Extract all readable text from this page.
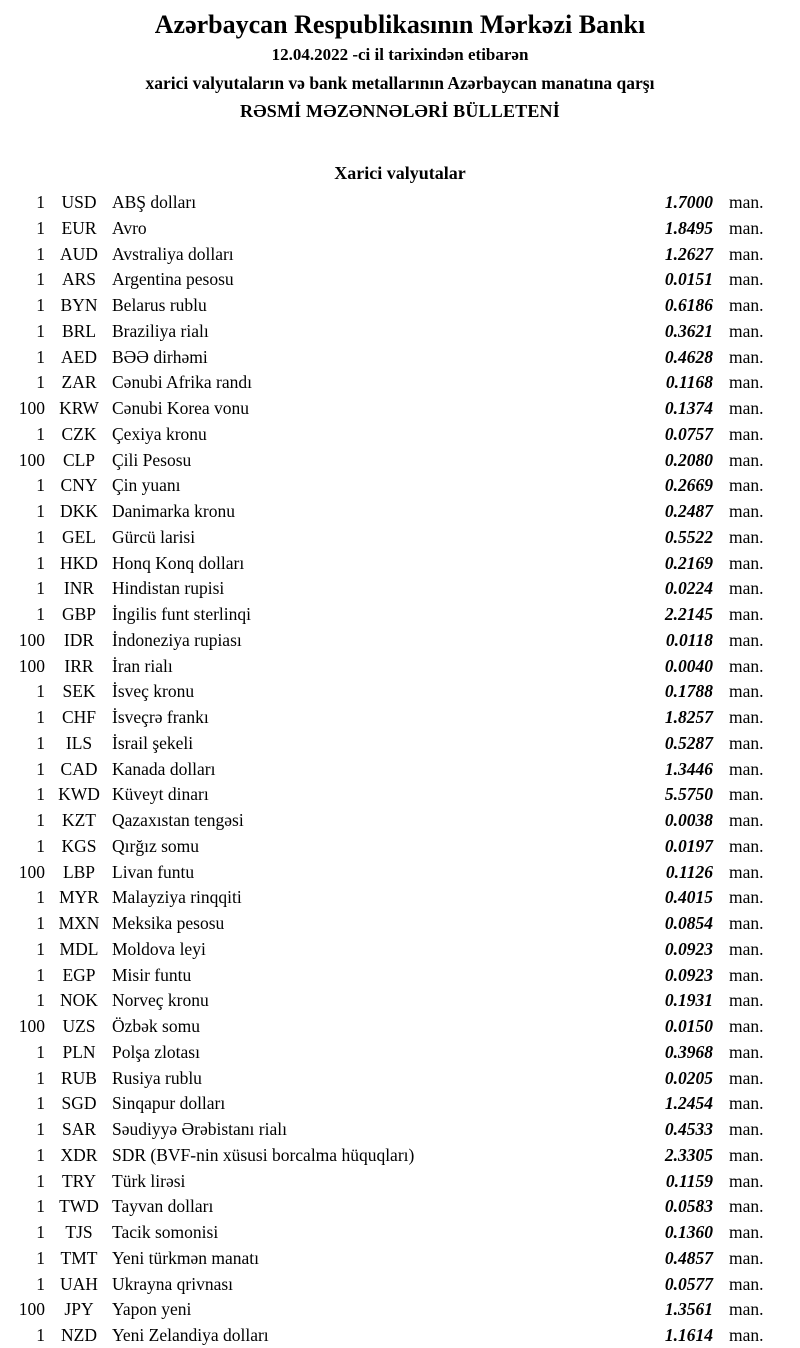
Azərbaycan Respublikasının Mərkəzi Bankı
12.04.2022 -ci il tarixindən etibarən
xarici valyutaların və bank metallarının Azərbaycan manatına qarşı
RƏSMİ MƏZƏNNƏLƏRİ BÜLLETENİ
Xarici valyutalar
1 USD ABŞ dolları	1.7000 man.
1 EUR Avro	1.8495 man.
1 AUD Avstraliya dolları	1.2627 man.
1 ARS Argentina pesosu	0.0151 man.
1 BYN Belarus rublu	0.6186 man.
1 BRL Braziliya rialı	0.3621 man.
1 AED BƏƏ dirhəmi	0.4628 man.
1 ZAR Cənubi Afrika randı	0.1168 man.
100 KRW Cənubi Korea vonu	0.1374 man.
1 CZK Çexiya kronu	0.0757 man.
100	CLP Çili Pesosu	0.2080 man.
1 CNY Çin yuanı	0.2669 man.
1 DKK Danimarka kronu	0.2487 man.
1 GEL Gürcü larisi	0.5522 man.
1 HKD Honq Konq dolları	0.2169 man.
1	INR	Hindistan rupisi	0.0224 man.
1 GBP İngilis funt sterlinqi	2.2145 man.
100	IDR	İndoneziya rupiası	0.0118 man.
100	IRR	İran rialı	0.0040 man.
1 SEK İsveç kronu	0.1788 man.
1 CHF İsveçrə frankı	1.8257 man.
1	ILS	İsrail şekeli	0.5287 man.
1 CAD Kanada dolları	1.3446 man.
1 KWD Küveyt dinarı	5.5750 man.
1 KZT Qazaxıstan tengəsi	0.0038 man.
1 KGS Qırğız somu	0.0197 man.
100	LBP Livan funtu	0.1126 man.
1 MYR Malayziya rinqqiti	0.4015 man.
1 MXN Meksika pesosu	0.0854 man.
1 MDL Moldova leyi	0.0923 man.
1 EGP Misir funtu	0.0923 man.
1 NOK Norveç kronu	0.1931 man.
100 UZS Özbək somu	0.0150 man.
1 PLN Polşa zlotası	0.3968 man.
1 RUB Rusiya rublu	0.0205 man.
1 SGD Sinqapur dolları	1.2454 man.
1 SAR Səudiyyə Ərəbistanı rialı	0.4533 man.
1 XDR SDR (BVF-nin xüsusi borcalma hüquqları)	2.3305 man.
1 TRY Türk lirəsi	0.1159 man.
1 TWD Tayvan dolları	0.0583 man.
1	TJS	Tacik somonisi	0.1360 man.
1 TMT Yeni türkmən manatı	0.4857 man.
1 UAH Ukrayna qrivnası	0.0577 man.
100	JPY	Yapon yeni	1.3561 man.
1 NZD Yeni Zelandiya dolları	1.1614 man.
